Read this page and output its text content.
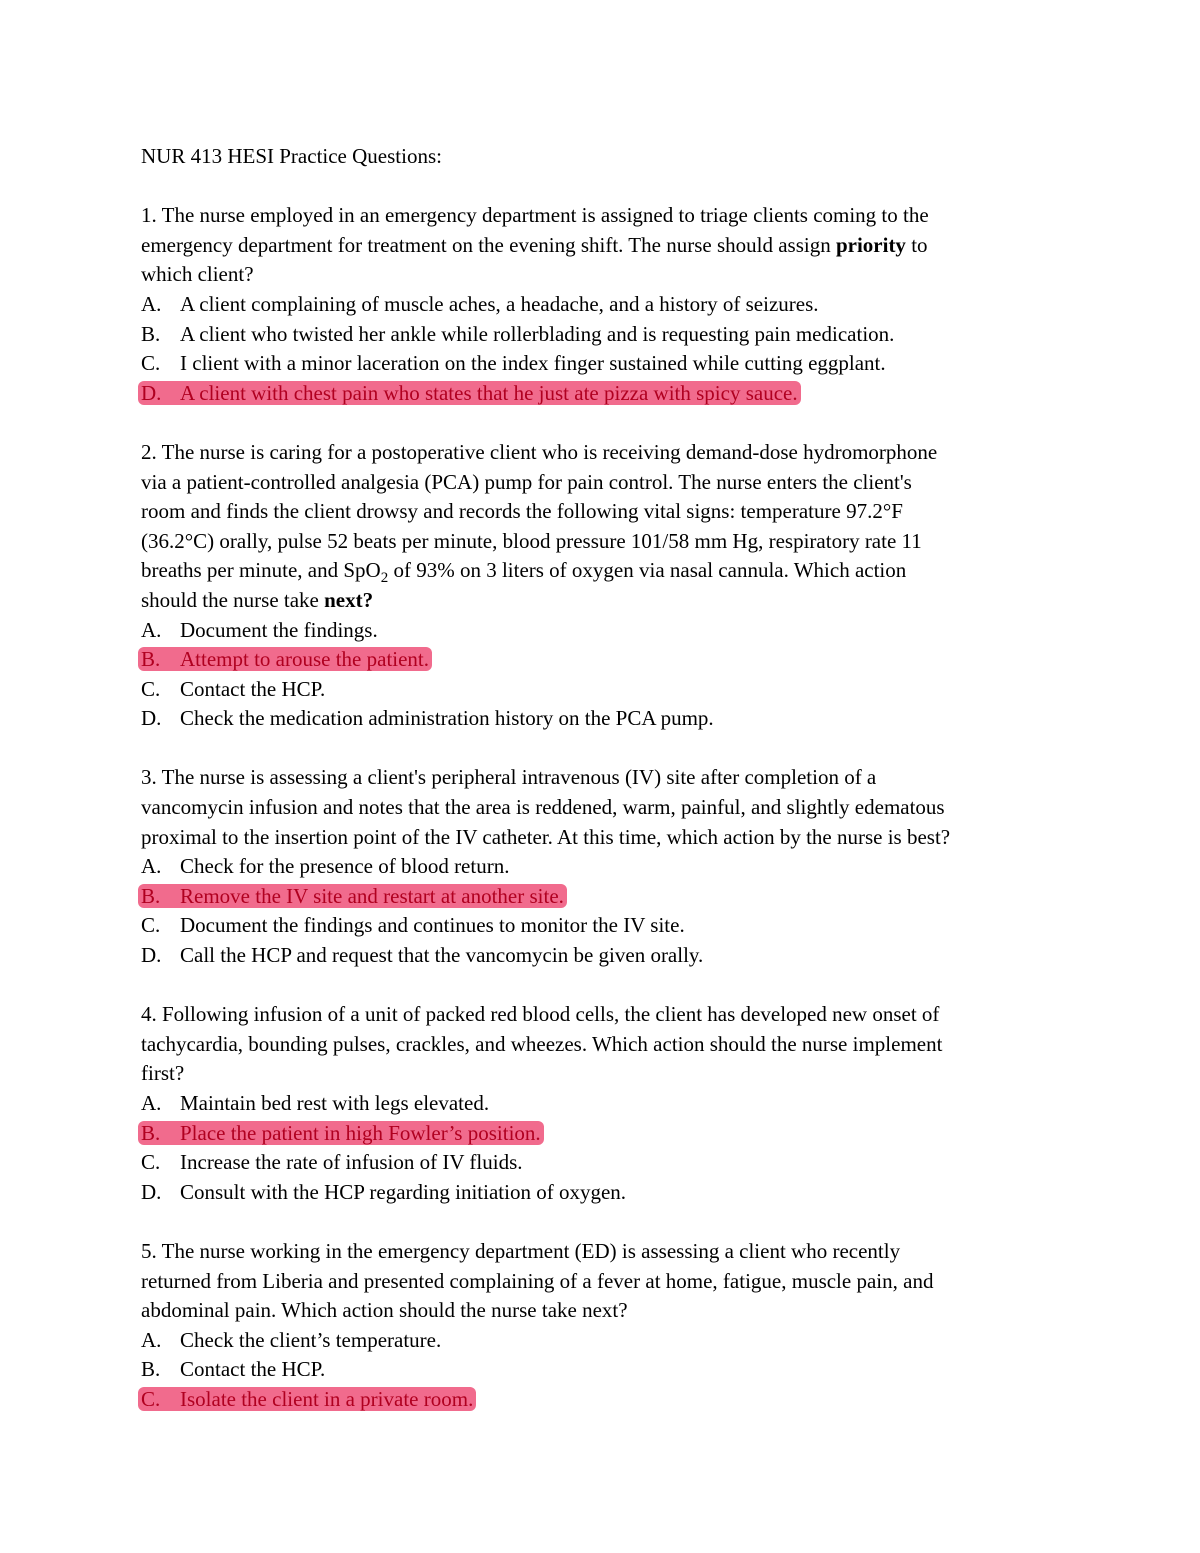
NUR 413 HESI Practice Questions:
1. The nurse employed in an emergency department is assigned to triage clients coming to the
emergency department for treatment on the evening shift. The nurse should assign priority to
which client?
A. A client complaining of muscle aches, a headache, and a history of seizures.
B. A client who twisted her ankle while rollerblading and is requesting pain medication.
C. I client with a minor laceration on the index finger sustained while cutting eggplant.
D. A client with chest pain who states that he just ate pizza with spicy sauce.
2. The nurse is caring for a postoperative client who is receiving demand-dose hydromorphone
via a patient-controlled analgesia (PCA) pump for pain control. The nurse enters the client's
room and finds the client drowsy and records the following vital signs: temperature 97.2°F
(36.2°C) orally, pulse 52 beats per minute, blood pressure 101/58 mm Hg, respiratory rate 11
breaths per minute, and SpO$_2$ of 93% on 3 liters of oxygen via nasal cannula. Which action
should the nurse take next?
A. Document the findings.
B. Attempt to arouse the patient.
C. Contact the HCP.
D. Check the medication administration history on the PCA pump.
3. The nurse is assessing a client's peripheral intravenous (IV) site after completion of a
vancomycin infusion and notes that the area is reddened, warm, painful, and slightly edematous
proximal to the insertion point of the IV catheter. At this time, which action by the nurse is best?
A. Check for the presence of blood return.
B. Remove the IV site and restart at another site.
C. Document the findings and continues to monitor the IV site.
D. Call the HCP and request that the vancomycin be given orally.
4. Following infusion of a unit of packed red blood cells, the client has developed new onset of
tachycardia, bounding pulses, crackles, and wheezes. Which action should the nurse implement
first?
A. Maintain bed rest with legs elevated.
B. Place the patient in high Fowler’s position.
C. Increase the rate of infusion of IV fluids.
D. Consult with the HCP regarding initiation of oxygen.
5. The nurse working in the emergency department (ED) is assessing a client who recently
returned from Liberia and presented complaining of a fever at home, fatigue, muscle pain, and
abdominal pain. Which action should the nurse take next?
A. Check the client’s temperature.
B. Contact the HCP.
C. Isolate the client in a private room.
